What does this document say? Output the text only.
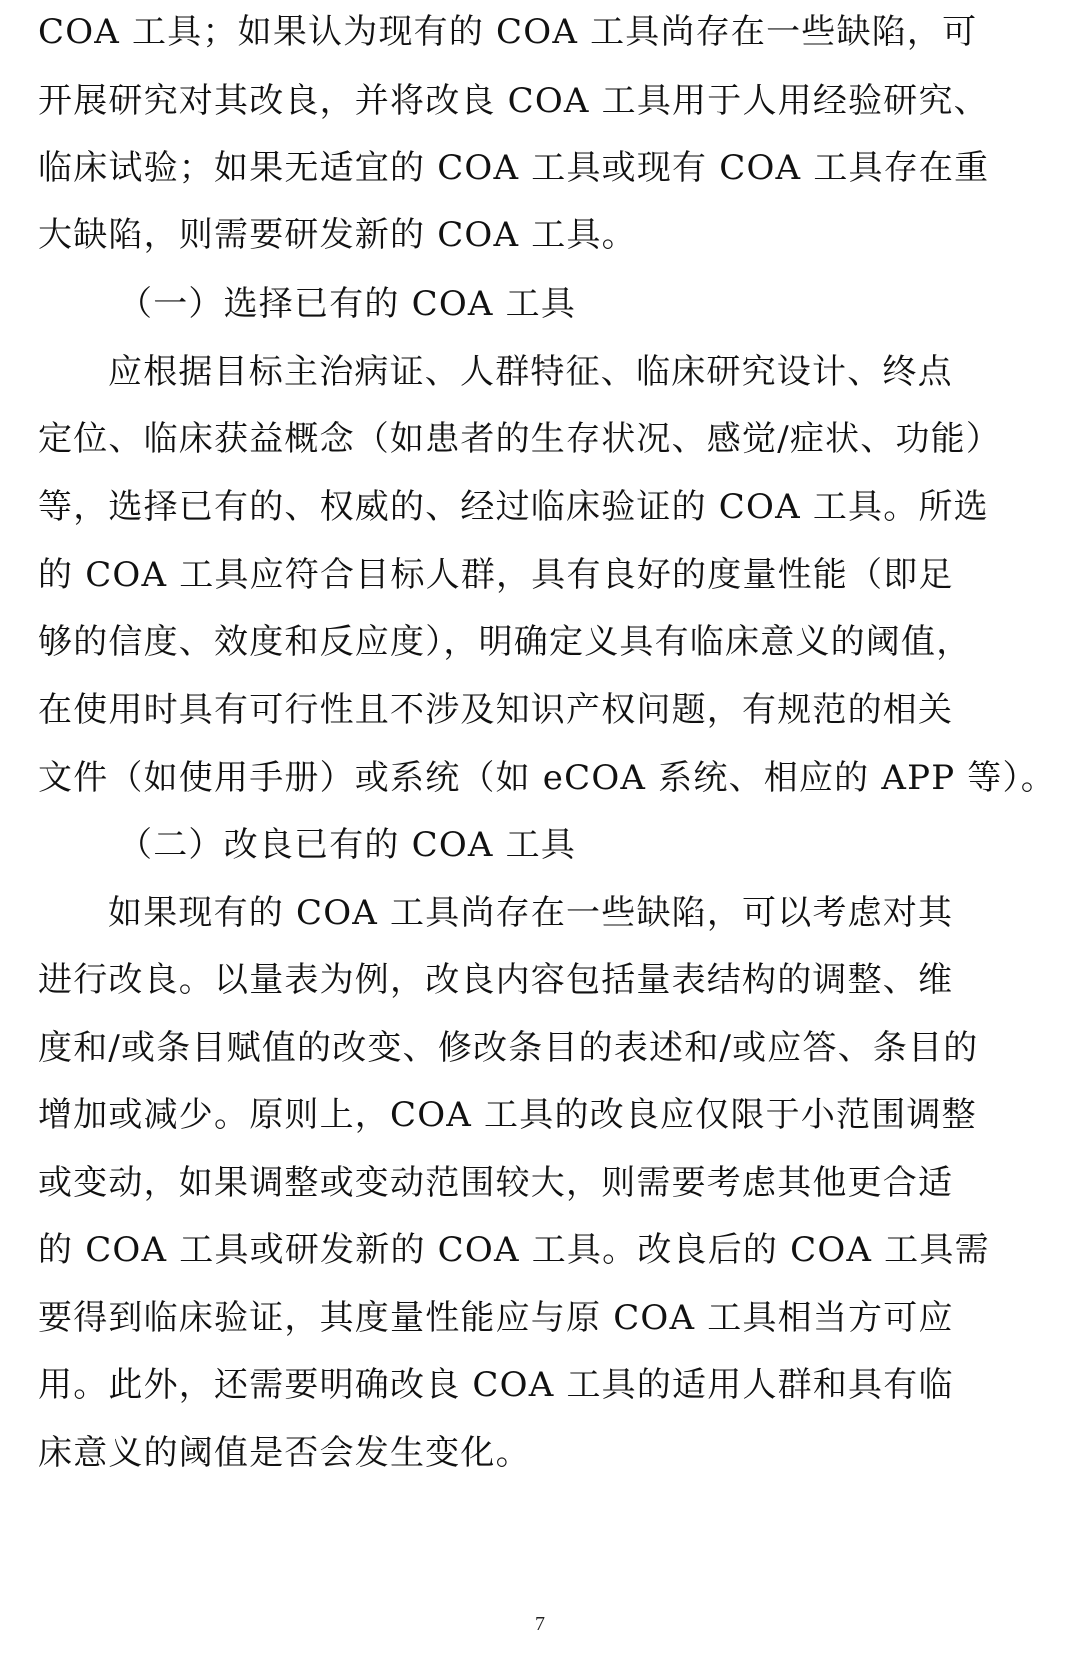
COA 工具；如果认为现有的 COA 工具尚存在一些缺陷，可
开展研究对其改良，并将改良 COA 工具用于人用经验研究、
临床试验；如果无适宜的 COA 工具或现有 COA 工具存在重
大缺陷，则需要研发新的 COA 工具。
（一）选择已有的 COA 工具
应根据目标主治病证、人群特征、临床研究设计、终点
定位、临床获益概念（如患者的生存状况、感觉/症状、功能）
等，选择已有的、权威的、经过临床验证的 COA 工具。所选
的 COA 工具应符合目标人群，具有良好的度量性能（即足
够的信度、效度和反应度），明确定义具有临床意义的阈值，
在使用时具有可行性且不涉及知识产权问题，有规范的相关
文件（如使用手册）或系统（如 eCOA 系统、相应的 APP 等）。
（二）改良已有的 COA 工具
如果现有的 COA 工具尚存在一些缺陷，可以考虑对其
进行改良。以量表为例，改良内容包括量表结构的调整、维
度和/或条目赋值的改变、修改条目的表述和/或应答、条目的
增加或减少。原则上，COA 工具的改良应仅限于小范围调整
或变动，如果调整或变动范围较大，则需要考虑其他更合适
的 COA 工具或研发新的 COA 工具。改良后的 COA 工具需
要得到临床验证，其度量性能应与原 COA 工具相当方可应
用。此外，还需要明确改良 COA 工具的适用人群和具有临
床意义的阈值是否会发生变化。
7
